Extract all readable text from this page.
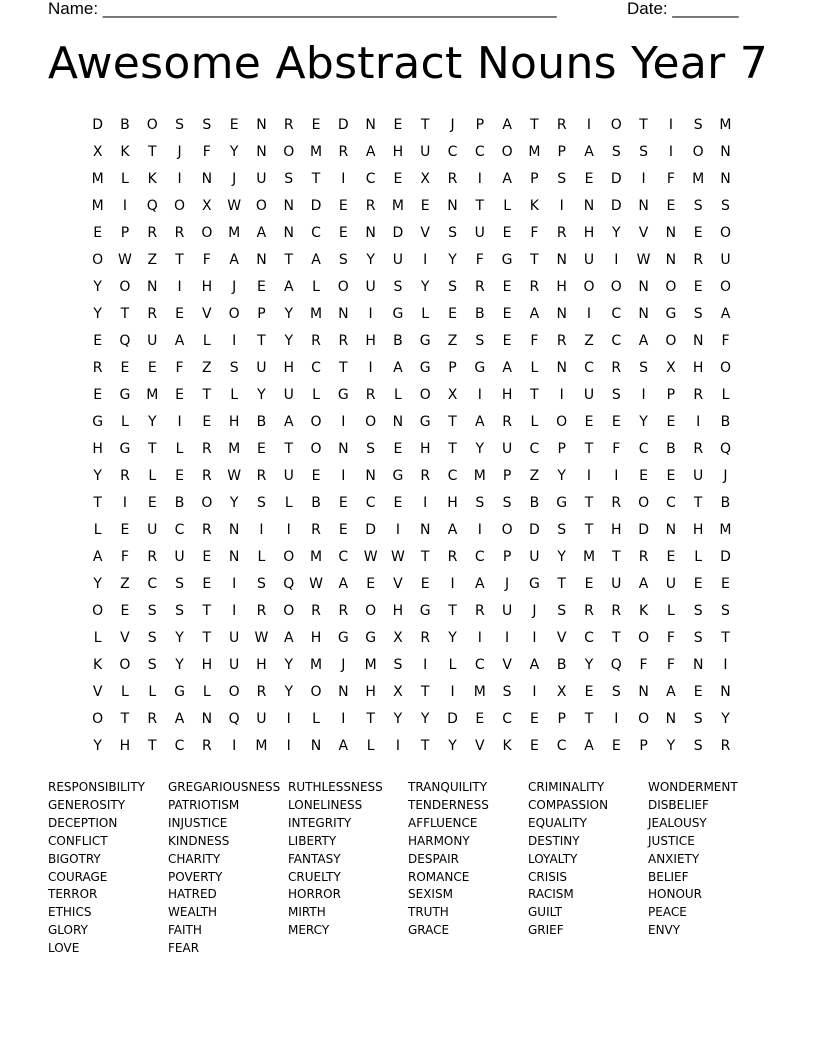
Name: ________________________________________________	Date: _______
Awesome Abstract Nouns Year 7
D	B	O	S	S	E	N	R	E	D	N	E	T	J	P	A	T	R	I	O	T	I	S	M
X	K	T	J	F	Y	N	O	M	R	A	H	U	C	C	O	M	P	A	S	S	I	O	N
M	L	K	I	N	J	U	S	T	I	C	E	X	R	I	A	P	S	E	D	I	F	M	N
M	I	Q	O	X	W	O	N	D	E	R	M	E	N	T	L	K	I	N	D	N	E	S	S
E	P	R	R	O	M	A	N	C	E	N	D	V	S	U	E	F	R	H	Y	V	N	E	O
O	W	Z	T	F	A	N	T	A	S	Y	U	I	Y	F	G	T	N	U	I	W	N	R	U
Y	O	N	I	H	J	E	A	L	O	U	S	Y	S	R	E	R	H	O	O	N	O	E	O
Y	T	R	E	V	O	P	Y	M	N	I	G	L	E	B	E	A	N	I	C	N	G	S	A
E	Q	U	A	L	I	T	Y	R	R	H	B	G	Z	S	E	F	R	Z	C	A	O	N	F
R	E	E	F	Z	S	U	H	C	T	I	A	G	P	G	A	L	N	C	R	S	X	H	O
E	G	M	E	T	L	Y	U	L	G	R	L	O	X	I	H	T	I	U	S	I	P	R	L
G	L	Y	I	E	H	B	A	O	I	O	N	G	T	A	R	L	O	E	E	Y	E	I	B
H	G	T	L	R	M	E	T	O	N	S	E	H	T	Y	U	C	P	T	F	C	B	R	Q
Y	R	L	E	R	W	R	U	E	I	N	G	R	C	M	P	Z	Y	I	I	E	E	U	J
T	I	E	B	O	Y	S	L	B	E	C	E	I	H	S	S	B	G	T	R	O	C	T	B
L	E	U	C	R	N	I	I	R	E	D	I	N	A	I	O	D	S	T	H	D	N	H	M
A	F	R	U	E	N	L	O	M	C	W W	T	R	C	P	U	Y	M	T	R	E	L	D
Y	Z	C	S	E	I	S	Q	W	A	E	V	E	I	A	J	G	T	E	U	A	U	E	E
O	E	S	S	T	I	R	O	R	R	O	H	G	T	R	U	J	S	R	R	K	L	S	S
L	V	S	Y	T	U	W	A	H	G	G	X	R	Y	I	I	I	V	C	T	O	F	S	T
K	O	S	Y	H	U	H	Y	M	J	M	S	I	L	C	V	A	B	Y	Q	F	F	N	I
V	L	L	G	L	O	R	Y	O	N	H	X	T	I	M	S	I	X	E	S	N	A	E	N
O	T	R	A	N	Q	U	I	L	I	T	Y	Y	D	E	C	E	P	T	I	O	N	S	Y
Y	H	T	C	R	I	M	I	N	A	L	I	T	Y	V	K	E	C	A	E	P	Y	S	R
RESPONSIBILITY
GENEROSITY
DECEPTION
CONFLICT
BIGOTRY
COURAGE
TERROR
ETHICS
GLORY
LOVE
GREGARIOUSNESS
PATRIOTISM
INJUSTICE
KINDNESS
CHARITY
POVERTY
HATRED
WEALTH
FAITH
FEAR
RUTHLESSNESS
LONELINESS
INTEGRITY
LIBERTY
FANTASY
CRUELTY
HORROR
MIRTH
MERCY
TRANQUILITY
TENDERNESS
AFFLUENCE
HARMONY
DESPAIR
ROMANCE
SEXISM
TRUTH
GRACE
CRIMINALITY
COMPASSION
EQUALITY
DESTINY
LOYALTY
CRISIS
RACISM
GUILT
GRIEF
WONDERMENT
DISBELIEF
JEALOUSY
JUSTICE
ANXIETY
BELIEF
HONOUR
PEACE
ENVY
